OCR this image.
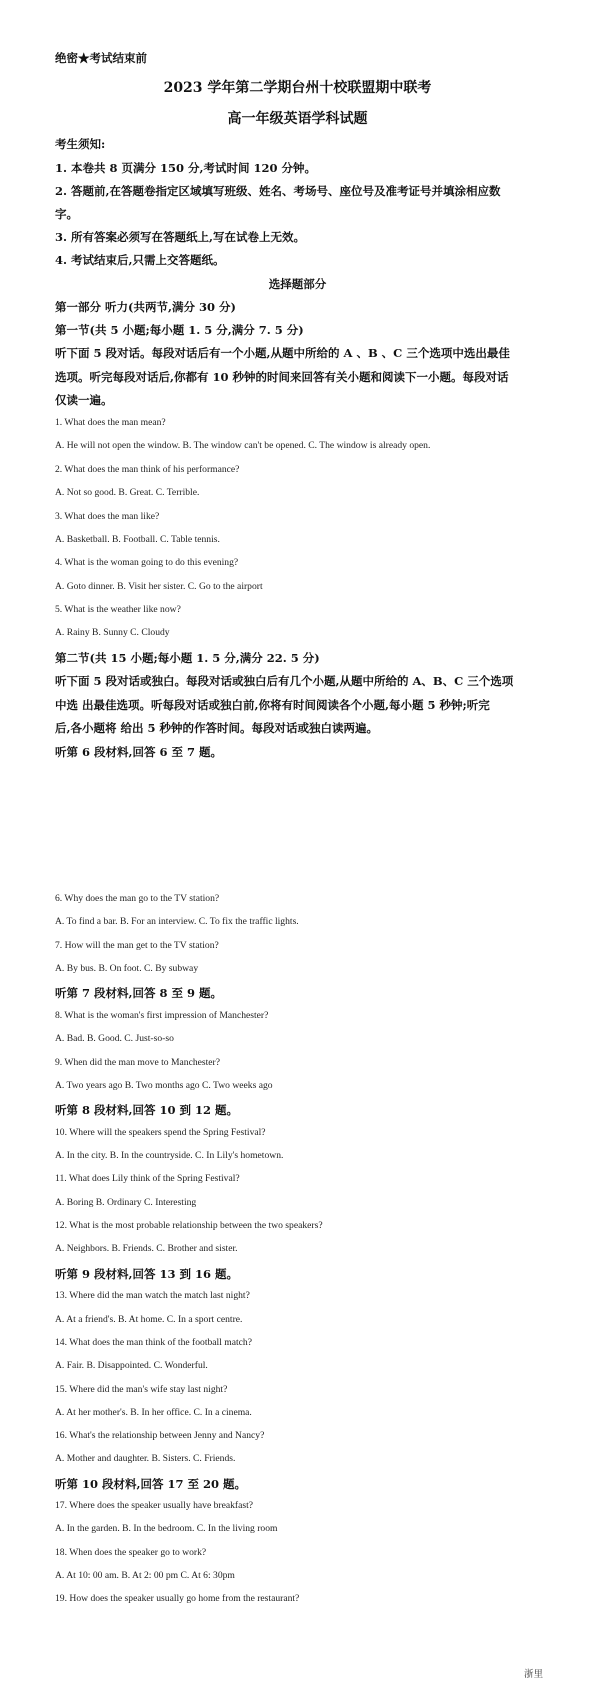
绝密★考试结束前
2023 学年第二学期台州十校联盟期中联考
高一年级英语学科试题
考生须知:
1. 本卷共 8 页满分 150 分,考试时间 120 分钟。
2. 答题前,在答题卷指定区域填写班级、姓名、考场号、座位号及准考证号并填涂相应数
字。
3. 所有答案必须写在答题纸上,写在试卷上无效。
4. 考试结束后,只需上交答题纸。
选择题部分
第一部分 听力(共两节,满分 30 分)
第一节(共 5 小题;每小题 1. 5 分,满分 7. 5 分)
听下面 5 段对话。每段对话后有一个小题,从题中所给的 A 、B 、C 三个选项中选出最佳
选项。听完每段对话后,你都有 10 秒钟的时间来回答有关小题和阅读下一小题。每段对话
仅读一遍。
1. What does the man mean?
A. He will not open the window. B. The window can't be opened. C. The window is already open.
2. What does the man think of his performance?
A. Not so good. B. Great. C. Terrible.
3. What does the man like?
A. Basketball. B. Football. C. Table tennis.
4. What is the woman going to do this evening?
A. Goto dinner. B. Visit her sister. C. Go to the airport
5. What is the weather like now?
A. Rainy B. Sunny C. Cloudy
第二节(共 15 小题;每小题 1. 5 分,满分 22. 5 分)
听下面 5 段对话或独白。每段对话或独白后有几个小题,从题中所给的 A、B、C 三个选项
中选 出最佳选项。听每段对话或独白前,你将有时间阅读各个小题,每小题 5 秒钟;听完
后,各小题将 给出 5 秒钟的作答时间。每段对话或独白读两遍。
听第 6 段材料,回答 6 至 7 题。
6. Why does the man go to the TV station?
A. To find a bar. B. For an interview. C. To fix the traffic lights.
7. How will the man get to the TV station?
A. By bus. B. On foot. C. By subway
听第 7 段材料,回答 8 至 9 题。
8. What is the woman's first impression of Manchester?
A. Bad. B. Good. C. Just-so-so
9. When did the man move to Manchester?
A. Two years ago B. Two months ago C. Two weeks ago
听第 8 段材料,回答 10 到 12 题。
10. Where will the speakers spend the Spring Festival?
A. In the city. B. In the countryside. C. In Lily's hometown.
11. What does Lily think of the Spring Festival?
A. Boring B. Ordinary C. Interesting
12. What is the most probable relationship between the two speakers?
A. Neighbors. B. Friends. C. Brother and sister.
听第 9 段材料,回答 13 到 16 题。
13. Where did the man watch the match last night?
A. At a friend's. B. At home. C. In a sport centre.
14. What does the man think of the football match?
A. Fair. B. Disappointed. C. Wonderful.
15. Where did the man's wife stay last night?
A. At her mother's. B. In her office. C. In a cinema.
16. What's the relationship between Jenny and Nancy?
A. Mother and daughter. B. Sisters. C. Friends.
听第 10 段材料,回答 17 至 20 题。
17. Where does the speaker usually have breakfast?
A. In the garden. B. In the bedroom. C. In the living room
18. When does the speaker go to work?
A. At 10: 00 am. B. At 2: 00 pm C. At 6: 30pm
19. How does the speaker usually go home from the restaurant?
浙里
